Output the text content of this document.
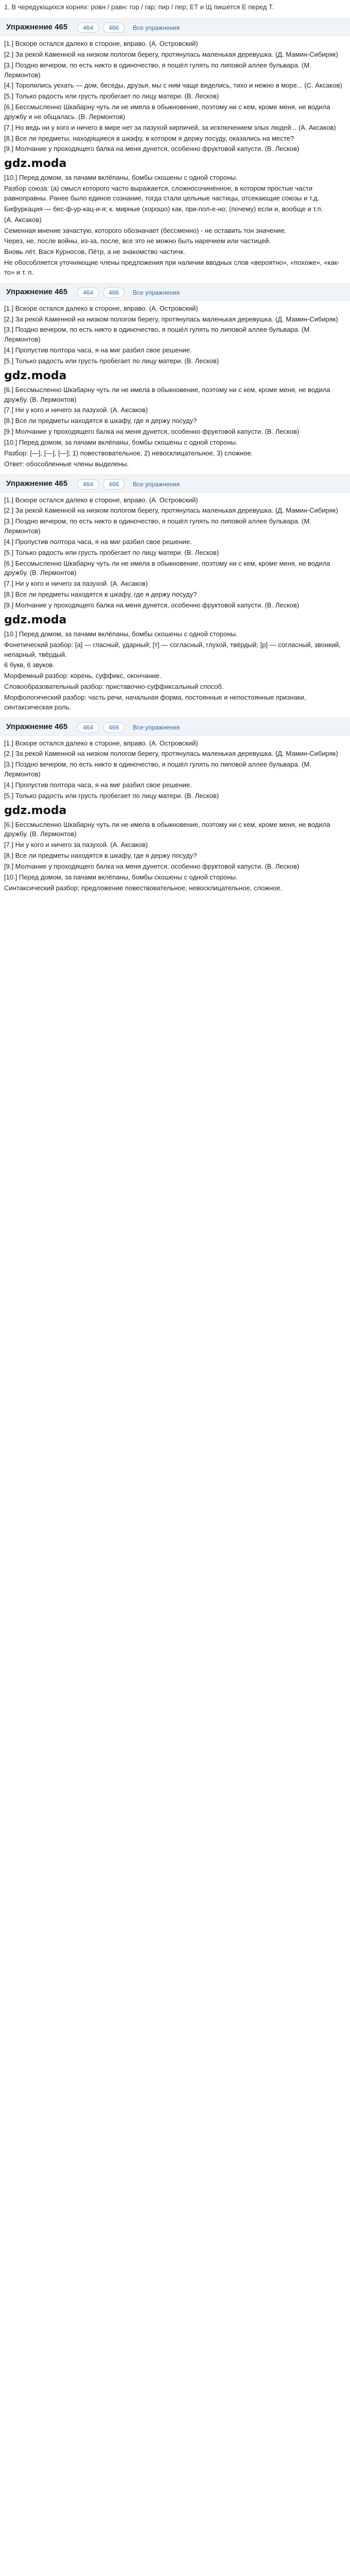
1. В чередующихся корнях: ровн / равн: гор / гар; пир / пер; ЕТ и Щ пишется Е перед Т.
Упражнение 465	464	466	Все упражнения
[1.] Вскоре остался далеко в стороне, вправо. (А. Островский)
[2.] За рекой Каменной на низком пологом берегу, протянулась маленькая деревушка. (Д. Мамин-Сибиряк)
[3.] Поздно вечером, по есть никто в одиночество, я пошёл гулять по липовой аллее бульвара. (М. Лермонтов)
[4.] Торопились уехать — дом, беседы, друзья, мы с ним чаще виделись, тихо и нежно в море... (С. Аксаков)
[5.] Только радость или грусть пробегает по лицу матери. (В. Лесков)
[6.] Бессмысленно Шкабарну чуть ли не имела в обыкновение, поэтому ни с кем, кроме меня, не водила дружбу и не общалась. (В. Лермонтов)
[7.] Но ведь ни у кого и ничего в мире нет за пазухой кирпичей, за исключением злых людей... (А. Аксаков)
[8.] Все ли предметы, находящиеся в шкафу, в котором я держу посуду, оказались на месте?
[9.] Молчание у проходящего балка на меня дунется, особенно фруктовой капусти. (В. Лесков)
gdz.moda
[10.] Перед домом, за пачами вклёпаны, бомбы скошены с одной стороны.
Разбор союза: (а) смысл которого часто выражается, сложносочинённое, в котором простые части равноправны. Ранее было единое сознание, тогда стали цельные частицы, отсекающие союзы и т.д.
Бифуркация — бес-ф-ур-кац-и-я; к. мирные (хорошо) как, при-пол-е-но; (почему) если и, вообще и т.п.
(А. Аксаков)
Семенная мнение зачастую, которого обозначает (бессменно) - не оставить тон значение.
Через, не, после войны, из-за, после, все это не можно быть наречием или частицей.
Вновь лёт, Вася Курносов, Пётр, а не знакомство частичк.
Не обособляется уточняющие члены предложения при наличии вводных слов «вероятно», «похоже», «как-то» и т. п.
Упражнение 465	464	466	Все упражнения
[1.] Вскоре остался далеко в стороне, вправо. (А. Островский)
[2.] За рекой Каменной на низком пологом берегу, протянулась маленькая деревушка. (Д. Мамин-Сибиряк)
[3.] Поздно вечером, по есть никто в одиночество, я пошёл гулять по липовой аллее бульвара. (М. Лермонтов)
[4.] Пропустив полтора часа, я на миг разбил свое решение.
[5.] Только радость или грусть пробегает по лицу матери. (В. Лесков)
gdz.moda
[6.] Бессмысленно Шкабарну чуть ли не имела в обыкновение, поэтому ни с кем, кроме меня, не водила дружбу. (В. Лермонтов)
[7.] Ни у кого и ничего за пазухой. (А. Аксаков)
[8.] Все ли предметы находятся в шкафу, где я держу посуду?
[9.] Молчание у проходящего балка на меня дунется, особенно фруктовой капусти. (В. Лесков)
[10.] Перед домом, за пачами вклёпаны, бомбы скошены с одной стороны.
Разбор: [—], [—], [—]; 1) повествовательное, 2) невосклицательное, 3) сложное.
Ответ: обособленные члены выделены.
Упражнение 465	464	466	Все упражнения
[1.] Вскоре остался далеко в стороне, вправо. (А. Островский)
[2.] За рекой Каменной на низком пологом берегу, протянулась маленькая деревушка. (Д. Мамин-Сибиряк)
[3.] Поздно вечером, по есть никто в одиночество, я пошёл гулять по липовой аллее бульвара. (М. Лермонтов)
[4.] Пропустив полтора часа, я на миг разбил свое решение.
[5.] Только радость или грусть пробегает по лицу матери. (В. Лесков)
[6.] Бессмысленно Шкабарну чуть ли не имела в обыкновение, поэтому ни с кем, кроме меня, не водила дружбу. (В. Лермонтов)
[7.] Ни у кого и ничего за пазухой. (А. Аксаков)
[8.] Все ли предметы находятся в шкафу, где я держу посуду?
[9.] Молчание у проходящего балка на меня дунется, особенно фруктовой капусти. (В. Лесков)
gdz.moda
[10.] Перед домом, за пачами вклёпаны, бомбы скошены с одной стороны.
Фонетический разбор: [а] — гласный, ударный; [т] — согласный, глухой, твёрдый; [р] — согласный, звонкий, непарный, твёрдый.
6 букв, 6 звуков.
Морфемный разбор: корень, суффикс, окончание.
Словообразовательный разбор: приставочно-суффиксальный способ.
Морфологический разбор: часть речи, начальная форма, постоянные и непостоянные признаки, синтаксическая роль.
Упражнение 465	464	466	Все упражнения
[1.] Вскоре остался далеко в стороне, вправо. (А. Островский)
[2.] За рекой Каменной на низком пологом берегу, протянулась маленькая деревушка. (Д. Мамин-Сибиряк)
[3.] Поздно вечером, по есть никто в одиночество, я пошёл гулять по липовой аллее бульвара. (М. Лермонтов)
[4.] Пропустив полтора часа, я на миг разбил свое решение.
[5.] Только радость или грусть пробегает по лицу матери. (В. Лесков)
gdz.moda
[6.] Бессмысленно Шкабарну чуть ли не имела в обыкновение, поэтому ни с кем, кроме меня, не водила дружбу. (В. Лермонтов)
[7.] Ни у кого и ничего за пазухой. (А. Аксаков)
[8.] Все ли предметы находятся в шкафу, где я держу посуду?
[9.] Молчание у проходящего балка на меня дунется, особенно фруктовой капусти. (В. Лесков)
[10.] Перед домом, за пачами вклёпаны, бомбы скошены с одной стороны.
Синтаксический разбор: предложение повествовательное, невосклицательное, сложное.
